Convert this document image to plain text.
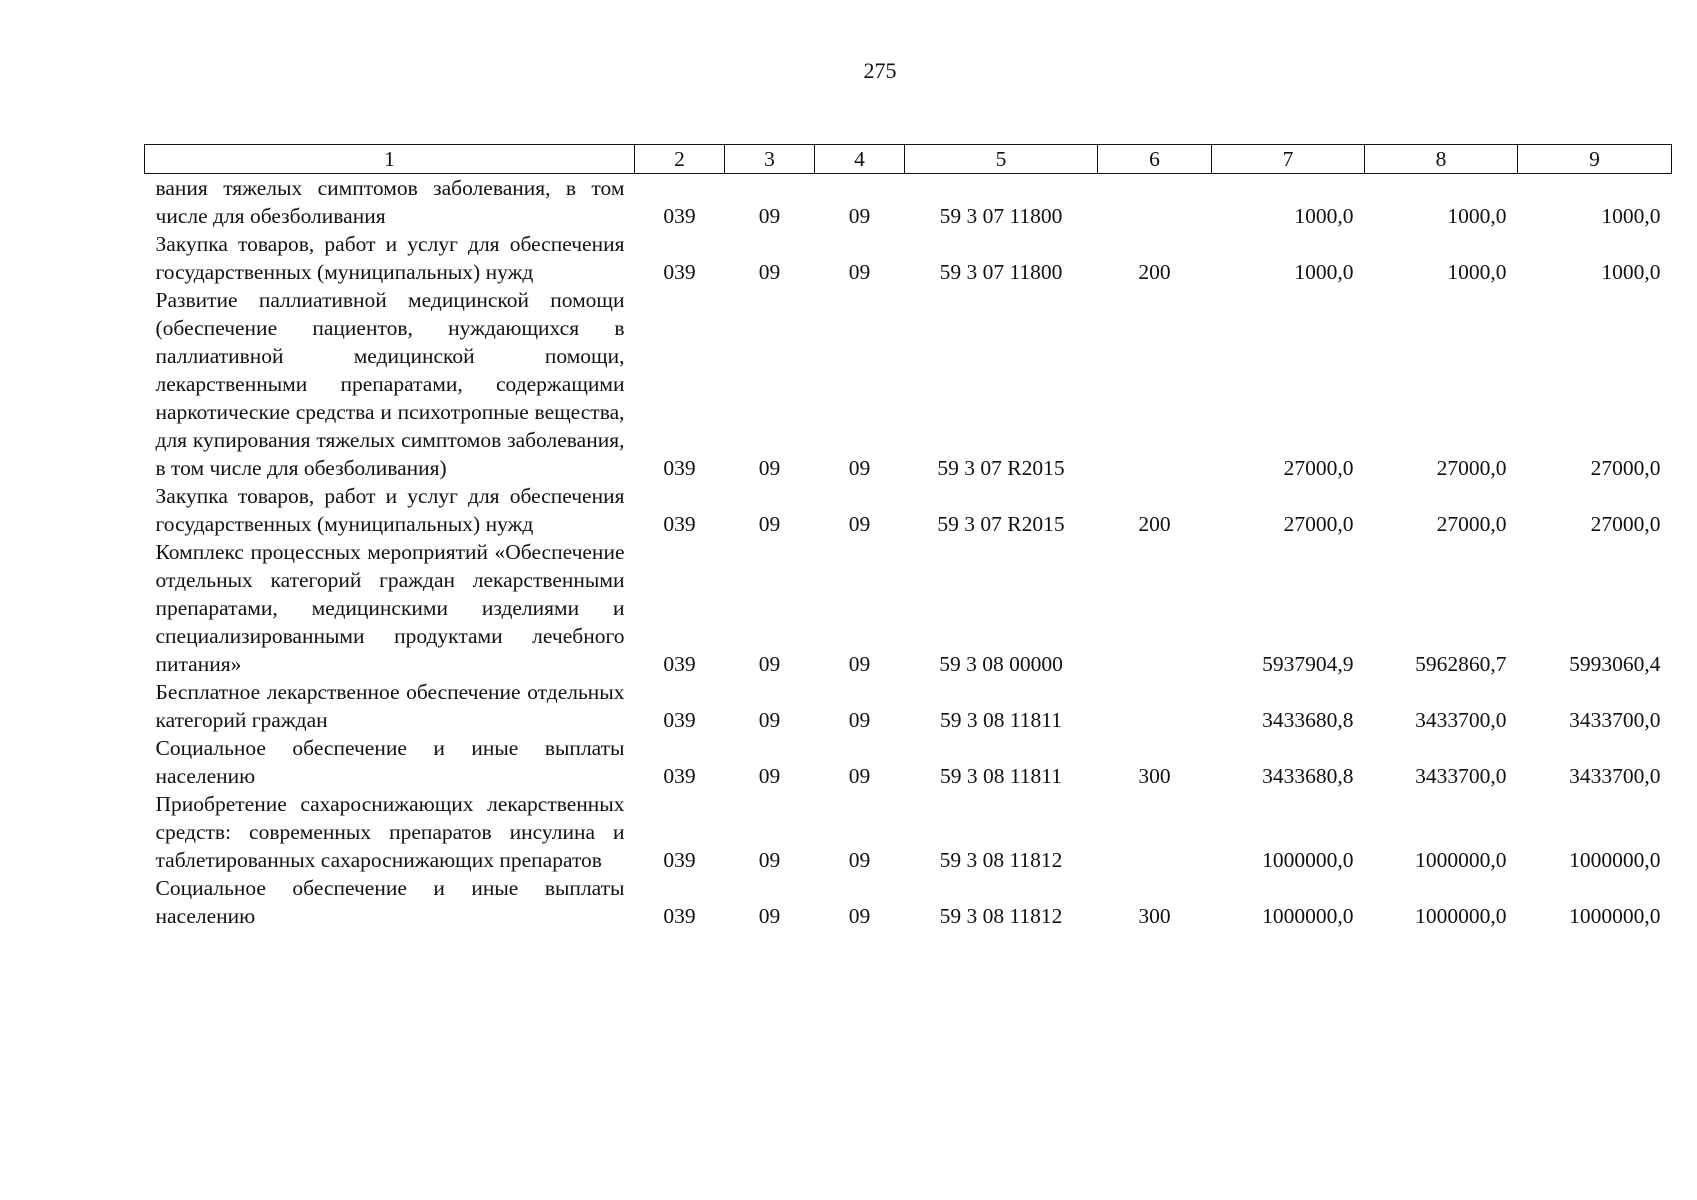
275
1	2	3	4	5	6	7	8	9
вания тяжелых симптомов заболевания, в том числе для обезболивания	039	09	09	59 3 07 11800		1000,0	1000,0	1000,0
Закупка товаров, работ и услуг для обеспечения государственных (муниципальных) нужд	039	09	09	59 3 07 11800	200	1000,0	1000,0	1000,0
Развитие паллиативной медицинской помощи (обеспечение пациентов, нуждающихся в паллиативной медицинской помощи, лекарственными препаратами, содержащими наркотические средства и психотропные вещества, для купирования тяжелых симптомов заболевания, в том числе для обезболивания)	039	09	09	59 3 07 R2015		27000,0	27000,0	27000,0
Закупка товаров, работ и услуг для обеспечения государственных (муниципальных) нужд	039	09	09	59 3 07 R2015	200	27000,0	27000,0	27000,0
Комплекс процессных мероприятий «Обеспечение отдельных категорий граждан лекарственными препаратами, медицинскими изделиями и специализированными продуктами лечебного питания»	039	09	09	59 3 08 00000		5937904,9	5962860,7	5993060,4
Бесплатное лекарственное обеспечение отдельных категорий граждан	039	09	09	59 3 08 11811		3433680,8	3433700,0	3433700,0
Социальное обеспечение и иные выплаты населению	039	09	09	59 3 08 11811	300	3433680,8	3433700,0	3433700,0
Приобретение сахароснижающих лекарственных средств: современных препаратов инсулина и таблетированных сахароснижающих препаратов	039	09	09	59 3 08 11812		1000000,0	1000000,0	1000000,0
Социальное обеспечение и иные выплаты населению	039	09	09	59 3 08 11812	300	1000000,0	1000000,0	1000000,0
